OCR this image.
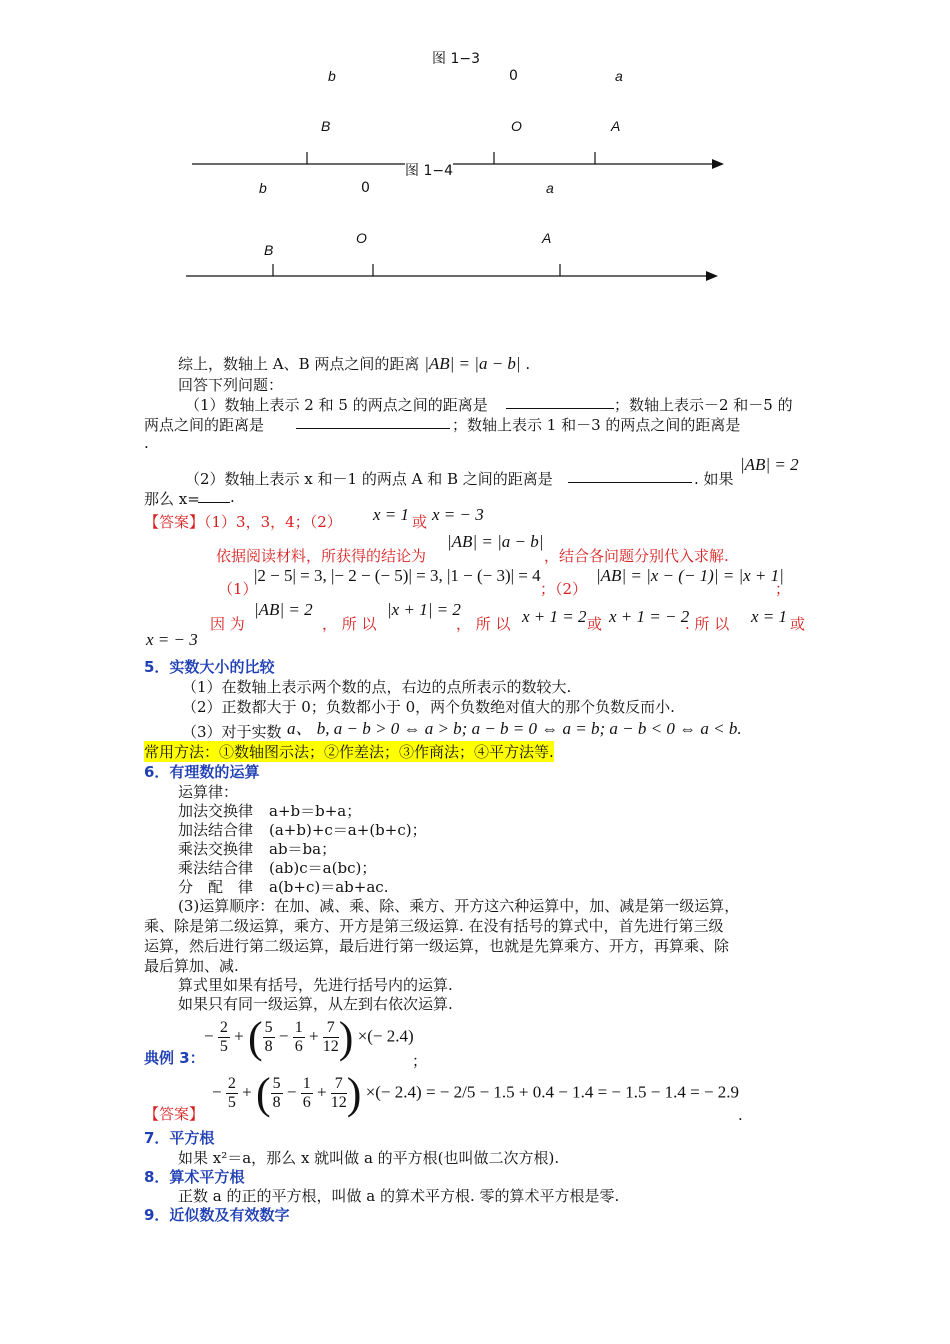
图 1−3
b	0	a
B	O	A
图 1−4
b	0	a
B
O	A
综上，数轴上 A、B 两点之间的距离 |AB| = |a − b| .
回答下列问题：
（1）数轴上表示 2 和 5 的两点之间的距离是	；数轴上表示－2 和－5 的
两点之间的距离是	；数轴上表示 1 和－3 的两点之间的距离是
.
（2）数轴上表示 x 和－1 的两点 A 和 B 之间的距离是	. 如果
|AB| = 2
那么 x= .
【答案】（1）3，3，4；（2） x = 1 或 x = − 3
依据阅读材料，所获得的结论为
|AB| = |a − b|
，结合各问题分别代入求解.
（1）
|2 − 5| = 3, |− 2 − (− 5)| = 3, |1 − (− 3)| = 4
；（2）
|AB| = |x − (− 1)| = |x + 1|
；
因 为
|AB| = 2
， 所 以
|x + 1| = 2
， 所 以 x + 1 = 2 或 x + 1 = − 2
. 所 以 x = 1 或
x = − 3
5．实数大小的比较
（1）在数轴上表示两个数的点，右边的点所表示的数较大.
（2）正数都大于 0；负数都小于 0，两个负数绝对值大的那个负数反而小.
（3）对于实数 a、 b, a − b > 0 ⇔ a > b; a − b = 0 ⇔ a = b; a − b < 0 ⇔ a < b.
常用方法：①数轴图示法；②作差法；③作商法；④平方法等.
6．有理数的运算
运算律：
加法交换律 a+b＝b+a；
加法结合律 (a+b)+c＝a+(b+c)；
乘法交换律 ab＝ba；
乘法结合律 (ab)c＝a(bc)；
分　配　律 a(b+c)＝ab+ac.
(3)运算顺序：在加、减、乘、除、乘方、开方这六种运算中，加、减是第一级运算，
乘、除是第二级运算，乘方、开方是第三级运算. 在没有括号的算式中，首先进行第三级
运算，然后进行第二级运算，最后进行第一级运算，也就是先算乘方、开方，再算乘、除
最后算加、减.
算式里如果有括号，先进行括号内的运算.
如果只有同一级运算，从左到右依次运算.
− $\frac{2}{5}$ + ( $\frac{5}{8} - \frac{1}{6} + \frac{7}{12}$ ) ×(− 2.4)
典例 3：	；
− $\frac{2}{5}$ + ( $\frac{5}{8} - \frac{1}{6} + \frac{7}{12}$ ) ×(− 2.4) = − 2/5 − 1.5 + 0.4 − 1.4 = − 1.5 − 1.4 = − 2.9
【答案】	.
7．平方根
如果 x²＝a，那么 x 就叫做 a 的平方根(也叫做二次方根).
8．算术平方根
正数 a 的正的平方根，叫做 a 的算术平方根. 零的算术平方根是零.
9．近似数及有效数字
